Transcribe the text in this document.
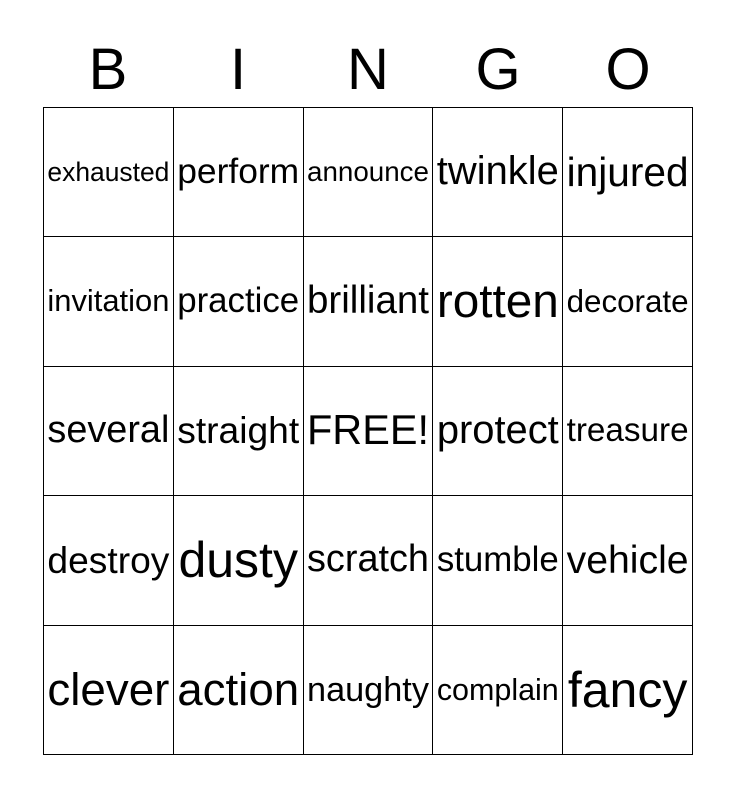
B	I	N	G	O
exhausted perform announce twinkle injured
invitation practice brilliant rotten decorate
several straight FREE! protect treasure
destroy dusty scratch stumble vehicle
clever action naughty complain fancy
